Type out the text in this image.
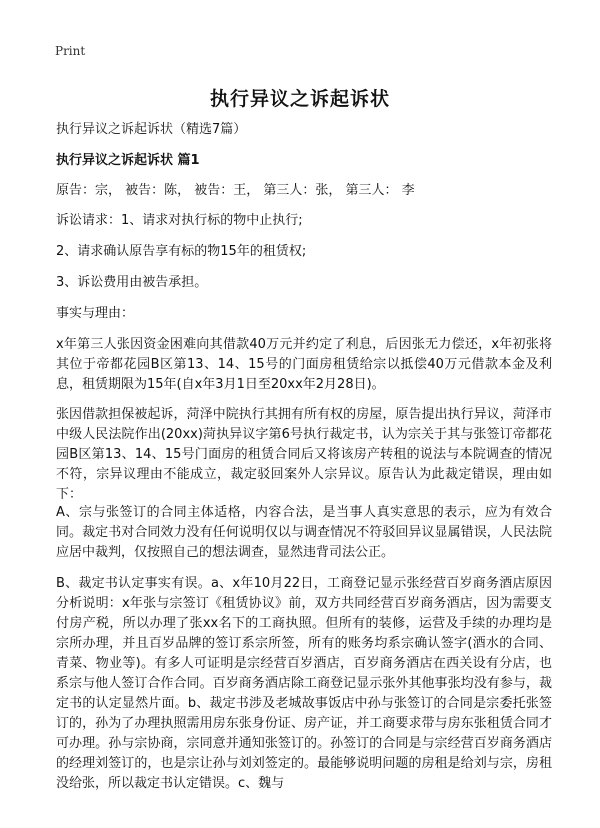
Print
执行异议之诉起诉状

执行异议之诉起诉状（精选7篇）

执行异议之诉起诉状 篇1

原告：宗， 被告：陈， 被告：王， 第三人：张， 第三人： 李

诉讼请求：1、请求对执行标的物中止执行;

2、请求确认原告享有标的物15年的租赁权;

3、诉讼费用由被告承担。

事实与理由：

x年第三人张因资金困难向其借款40万元并约定了利息，后因张无力偿还，x年初张将其位于帝都花园B区第13、14、15号的门面房租赁给宗以抵偿40万元借款本金及利息，租赁期限为15年(自x年3月1日至20xx年2月28日)。

张因借款担保被起诉，菏泽中院执行其拥有所有权的房屋，原告提出执行异议，菏泽市中级人民法院作出(20xx)菏执异议字第6号执行裁定书，认为宗关于其与张签订帝都花园B区第13、14、15号门面房的租赁合同后又将该房产转租的说法与本院调查的情况不符，宗异议理由不能成立，裁定驳回案外人宗异议。原告认为此裁定错误，理由如下：

A、宗与张签订的合同主体适格，内容合法，是当事人真实意思的表示，应为有效合同。裁定书对合同效力没有任何说明仅以与调查情况不符驳回异议显属错误，人民法院应居中裁判，仅按照自己的想法调查，显然违背司法公正。

B、裁定书认定事实有误。a、x年10月22日，工商登记显示张经营百岁商务酒店原因分析说明：x年张与宗签订《租赁协议》前，双方共同经营百岁商务酒店，因为需要支付房产税，所以办理了张xx名下的工商执照。但所有的装修，运营及手续的办理均是宗所办理，并且百岁品牌的签订系宗所签，所有的账务均系宗确认签字(酒水的合同、青菜、物业等)。有多人可证明是宗经营百岁酒店，百岁商务酒店在西关设有分店，也系宗与他人签订合作合同。百岁商务酒店除工商登记显示张外其他事张均没有参与，裁定书的认定显然片面。b、裁定书涉及老城故事饭店中孙与张签订的合同是宗委托张签订的，孙为了办理执照需用房东张身份证、房产证，并工商要求带与房东张租赁合同才可办理。孙与宗协商，宗同意并通知张签订的。孙签订的合同是与宗经营百岁商务酒店的经理刘签订的，也是宗让孙与刘刘签定的。最能够说明问题的房租是给刘与宗，房租没给张，所以裁定书认定错误。c、魏与
